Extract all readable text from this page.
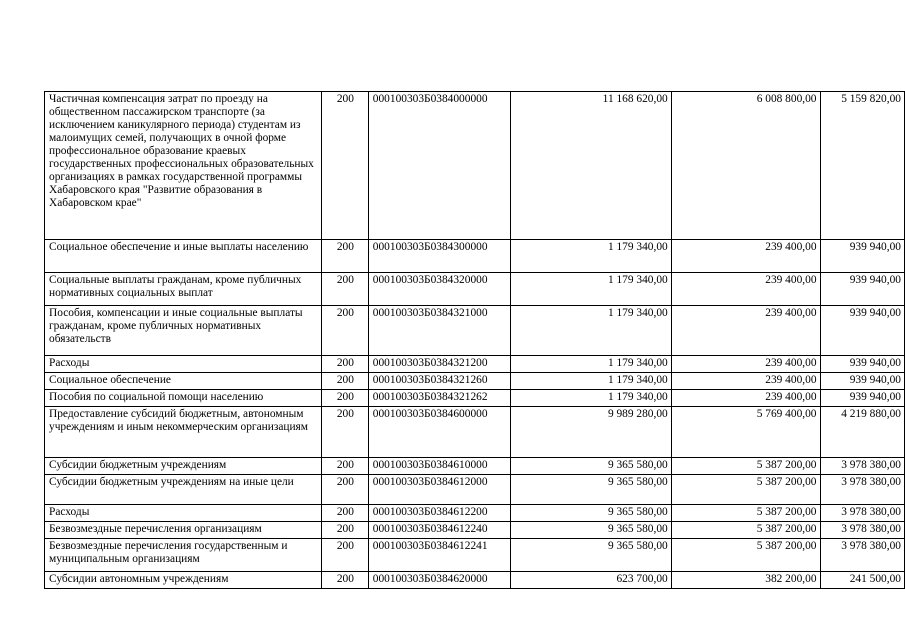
Частичная компенсация затрат по проезду на общественном пассажирском транспорте (за исключением каникулярного периода) студентам из малоимущих семей, получающих в очной форме профессиональное образование краевых государственных профессиональных образовательных организациях в рамках государственной программы Хабаровского края "Развитие образования в Хабаровском крае"	200	000100303Б0384000000	11 168 620,00	6 008 800,00	5 159 820,00
Социальное обеспечение и иные выплаты населению	200	000100303Б0384300000	1 179 340,00	239 400,00	939 940,00
Социальные выплаты гражданам, кроме публичных нормативных социальных выплат	200	000100303Б0384320000	1 179 340,00	239 400,00	939 940,00
Пособия, компенсации и иные социальные выплаты гражданам, кроме публичных нормативных обязательств	200	000100303Б0384321000	1 179 340,00	239 400,00	939 940,00
Расходы	200	000100303Б0384321200	1 179 340,00	239 400,00	939 940,00
Социальное обеспечение	200	000100303Б0384321260	1 179 340,00	239 400,00	939 940,00
Пособия по социальной помощи населению	200	000100303Б0384321262	1 179 340,00	239 400,00	939 940,00
Предоставление субсидий бюджетным, автономным учреждениям и иным некоммерческим организациям	200	000100303Б0384600000	9 989 280,00	5 769 400,00	4 219 880,00
Субсидии бюджетным учреждениям	200	000100303Б0384610000	9 365 580,00	5 387 200,00	3 978 380,00
Субсидии бюджетным учреждениям на иные цели	200	000100303Б0384612000	9 365 580,00	5 387 200,00	3 978 380,00
Расходы	200	000100303Б0384612200	9 365 580,00	5 387 200,00	3 978 380,00
Безвозмездные перечисления организациям	200	000100303Б0384612240	9 365 580,00	5 387 200,00	3 978 380,00
Безвозмездные перечисления государственным и муниципальным организациям	200	000100303Б0384612241	9 365 580,00	5 387 200,00	3 978 380,00
Субсидии автономным учреждениям	200	000100303Б0384620000	623 700,00	382 200,00	241 500,00
